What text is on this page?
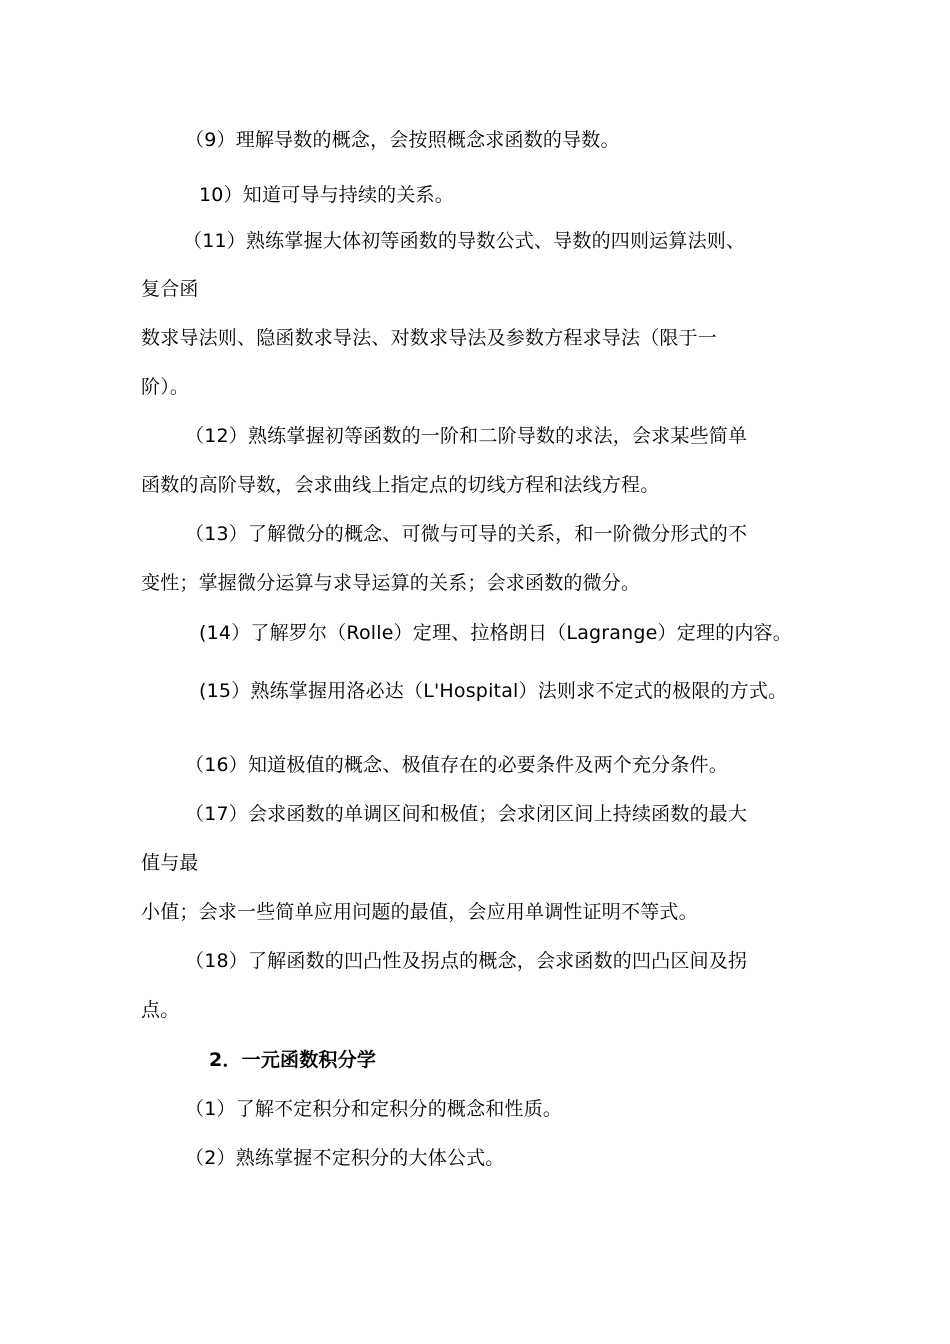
（9）理解导数的概念，会按照概念求函数的导数。
10）知道可导与持续的关系。
（11）熟练掌握大体初等函数的导数公式、导数的四则运算法则、
复合函
数求导法则、隐函数求导法、对数求导法及参数方程求导法（限于一
阶）。
（12）熟练掌握初等函数的一阶和二阶导数的求法，会求某些简单
函数的高阶导数，会求曲线上指定点的切线方程和法线方程。
（13）了解微分的概念、可微与可导的关系，和一阶微分形式的不
变性；掌握微分运算与求导运算的关系；会求函数的微分。
(14）了解罗尔（Rolle）定理、拉格朗日（Lagrange）定理的内容。
(15）熟练掌握用洛必达（L'Hospital）法则求不定式的极限的方式。
（16）知道极值的概念、极值存在的必要条件及两个充分条件。
（17）会求函数的单调区间和极值；会求闭区间上持续函数的最大
值与最
小值；会求一些简单应用问题的最值，会应用单调性证明不等式。
（18）了解函数的凹凸性及拐点的概念，会求函数的凹凸区间及拐
点。
2．一元函数积分学
（1）了解不定积分和定积分的概念和性质。
（2）熟练掌握不定积分的大体公式。
